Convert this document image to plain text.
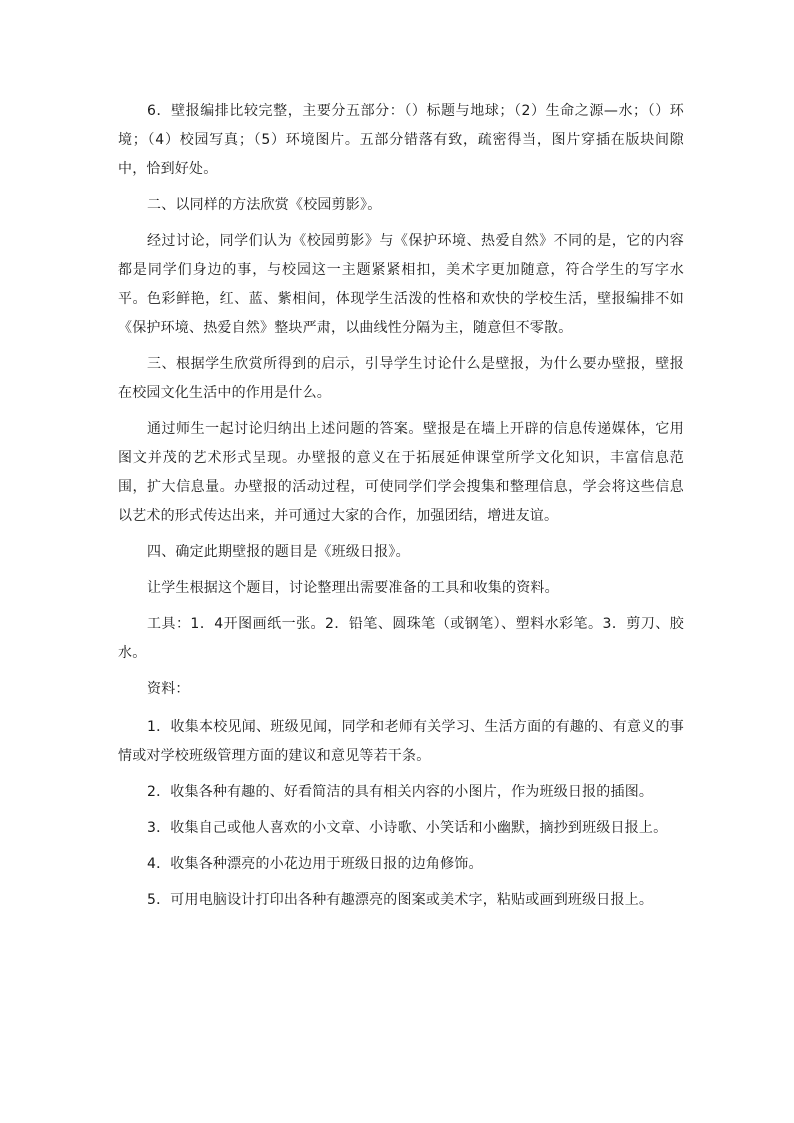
6．壁报编排比较完整，主要分五部分：（）标题与地球；（2）生命之源—水；（）环境；（4）校园写真；（5）环境图片。五部分错落有致，疏密得当，图片穿插在版块间隙中，恰到好处。

二、以同样的方法欣赏《校园剪影》。

经过讨论，同学们认为《校园剪影》与《保护环境、热爱自然》不同的是，它的内容都是同学们身边的事，与校园这一主题紧紧相扣，美术字更加随意，符合学生的写字水平。色彩鲜艳，红、蓝、紫相间，体现学生活泼的性格和欢快的学校生活，壁报编排不如《保护环境、热爱自然》整块严肃，以曲线性分隔为主，随意但不零散。

三、根据学生欣赏所得到的启示，引导学生讨论什么是壁报，为什么要办壁报，壁报在校园文化生活中的作用是什么。

通过师生一起讨论归纳出上述问题的答案。壁报是在墙上开辟的信息传递媒体，它用图文并茂的艺术形式呈现。办壁报的意义在于拓展延伸课堂所学文化知识，丰富信息范围，扩大信息量。办壁报的活动过程，可使同学们学会搜集和整理信息，学会将这些信息以艺术的形式传达出来，并可通过大家的合作，加强团结，增进友谊。

四、确定此期壁报的题目是《班级日报》。

让学生根据这个题目，讨论整理出需要准备的工具和收集的资料。

工具：1．4开图画纸一张。2．铅笔、圆珠笔（或钢笔）、塑料水彩笔。3．剪刀、胶水。

资料：

1．收集本校见闻、班级见闻，同学和老师有关学习、生活方面的有趣的、有意义的事情或对学校班级管理方面的建议和意见等若干条。

2．收集各种有趣的、好看简洁的具有相关内容的小图片，作为班级日报的插图。

3．收集自己或他人喜欢的小文章、小诗歌、小笑话和小幽默，摘抄到班级日报上。

4．收集各种漂亮的小花边用于班级日报的边角修饰。

5．可用电脑设计打印出各种有趣漂亮的图案或美术字，粘贴或画到班级日报上。
